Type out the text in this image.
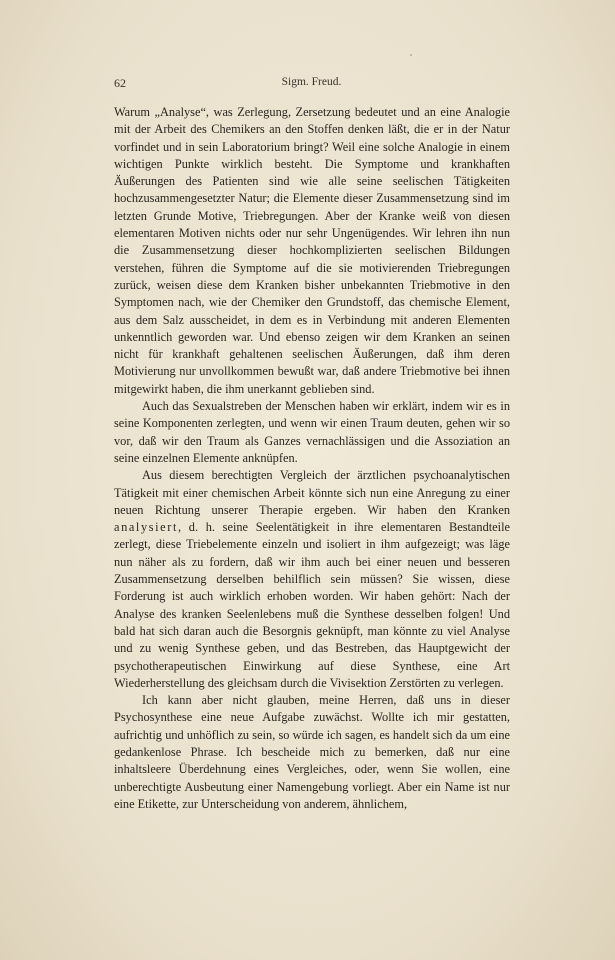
62	Sigm. Freud.

Warum „Analyse“, was Zerlegung, Zersetzung bedeutet und an eine Analogie mit der Arbeit des Chemikers an den Stoffen denken läßt, die er in der Natur vorfindet und in sein Laboratorium bringt? Weil eine solche Analogie in einem wichtigen Punkte wirklich besteht. Die Symptome und krankhaften Äußerungen des Patienten sind wie alle seine seelischen Tätigkeiten hochzusammengesetzter Natur; die Elemente dieser Zusammensetzung sind im letzten Grunde Motive, Triebregungen. Aber der Kranke weiß von diesen elementaren Motiven nichts oder nur sehr Ungenügendes. Wir lehren ihn nun die Zusammensetzung dieser hochkomplizierten seelischen Bildungen verstehen, führen die Symptome auf die sie motivierenden Triebregungen zurück, weisen diese dem Kranken bisher unbekannten Triebmotive in den Symptomen nach, wie der Chemiker den Grundstoff, das chemische Element, aus dem Salz ausscheidet, in dem es in Verbindung mit anderen Elementen unkenntlich geworden war. Und ebenso zeigen wir dem Kranken an seinen nicht für krankhaft gehaltenen seelischen Äußerungen, daß ihm deren Motivierung nur unvollkommen bewußt war, daß andere Triebmotive bei ihnen mitgewirkt haben, die ihm unerkannt geblieben sind.

Auch das Sexualstreben der Menschen haben wir erklärt, indem wir es in seine Komponenten zerlegten, und wenn wir einen Traum deuten, gehen wir so vor, daß wir den Traum als Ganzes vernachlässigen und die Assoziation an seine einzelnen Elemente anknüpfen.

Aus diesem berechtigten Vergleich der ärztlichen psychoanalytischen Tätigkeit mit einer chemischen Arbeit könnte sich nun eine Anregung zu einer neuen Richtung unserer Therapie ergeben. Wir haben den Kranken analysiert, d. h. seine Seelentätigkeit in ihre elementaren Bestandteile zerlegt, diese Triebelemente einzeln und isoliert in ihm aufgezeigt; was läge nun näher als zu fordern, daß wir ihm auch bei einer neuen und besseren Zusammensetzung derselben behilflich sein müssen? Sie wissen, diese Forderung ist auch wirklich erhoben worden. Wir haben gehört: Nach der Analyse des kranken Seelenlebens muß die Synthese desselben folgen! Und bald hat sich daran auch die Besorgnis geknüpft, man könnte zu viel Analyse und zu wenig Synthese geben, und das Bestreben, das Hauptgewicht der psychotherapeutischen Einwirkung auf diese Synthese, eine Art Wiederherstellung des gleichsam durch die Vivisektion Zerstörten zu verlegen.

Ich kann aber nicht glauben, meine Herren, daß uns in dieser Psychosynthese eine neue Aufgabe zuwächst. Wollte ich mir gestatten, aufrichtig und unhöflich zu sein, so würde ich sagen, es handelt sich da um eine gedankenlose Phrase. Ich bescheide mich zu bemerken, daß nur eine inhaltsleere Überdehnung eines Vergleiches, oder, wenn Sie wollen, eine unberechtigte Ausbeutung einer Namengebung vorliegt. Aber ein Name ist nur eine Etikette, zur Unterscheidung von anderem, ähnlichem,
